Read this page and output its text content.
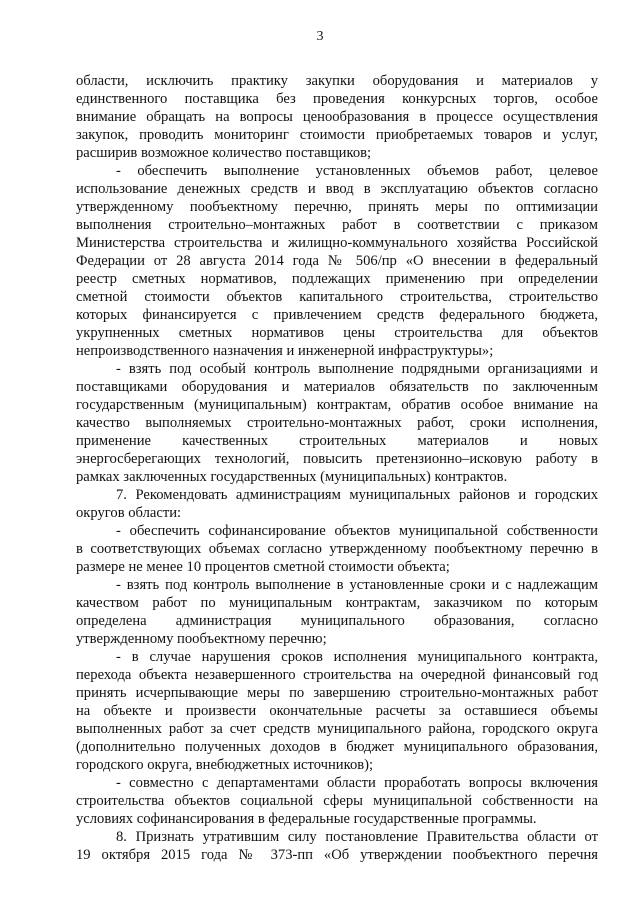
3
области, исключить практику закупки оборудования и материалов у
единственного поставщика без проведения конкурсных торгов, особое
внимание обращать на вопросы ценообразования в процессе осуществления
закупок, проводить мониторинг стоимости приобретаемых товаров и услуг,
расширив возможное количество поставщиков;
- обеспечить выполнение установленных объемов работ, целевое
использование денежных средств и ввод в эксплуатацию объектов согласно
утвержденному пообъектному перечню, принять меры по оптимизации
выполнения строительно–монтажных работ в соответствии с приказом
Министерства строительства и жилищно-коммунального хозяйства Российской
Федерации от 28 августа 2014 года № 506/пр «О внесении в федеральный
реестр сметных нормативов, подлежащих применению при определении
сметной стоимости объектов капитального строительства, строительство
которых финансируется с привлечением средств федерального бюджета,
укрупненных сметных нормативов цены строительства для объектов
непроизводственного назначения и инженерной инфраструктуры»;
- взять под особый контроль выполнение подрядными организациями и
поставщиками оборудования и материалов обязательств по заключенным
государственным (муниципальным) контрактам, обратив особое внимание на
качество выполняемых строительно-монтажных работ, сроки исполнения,
применение качественных строительных материалов и новых
энергосберегающих технологий, повысить претензионно–исковую работу в
рамках заключенных государственных (муниципальных) контрактов.
7. Рекомендовать администрациям муниципальных районов и городских
округов области:
- обеспечить софинансирование объектов муниципальной собственности
в соответствующих объемах согласно утвержденному пообъектному перечню в
размере не менее 10 процентов сметной стоимости объекта;
- взять под контроль выполнение в установленные сроки и с надлежащим
качеством работ по муниципальным контрактам, заказчиком по которым
определена администрация муниципального образования, согласно
утвержденному пообъектному перечню;
- в случае нарушения сроков исполнения муниципального контракта,
перехода объекта незавершенного строительства на очередной финансовый год
принять исчерпывающие меры по завершению строительно-монтажных работ
на объекте и произвести окончательные расчеты за оставшиеся объемы
выполненных работ за счет средств муниципального района, городского округа
(дополнительно полученных доходов в бюджет муниципального образования,
городского округа, внебюджетных источников);
- совместно с департаментами области проработать вопросы включения
строительства объектов социальной сферы муниципальной собственности на
условиях софинансирования в федеральные государственные программы.
8. Признать утратившим силу постановление Правительства области от
19 октября 2015 года № 373-пп «Об утверждении пообъектного перечня
